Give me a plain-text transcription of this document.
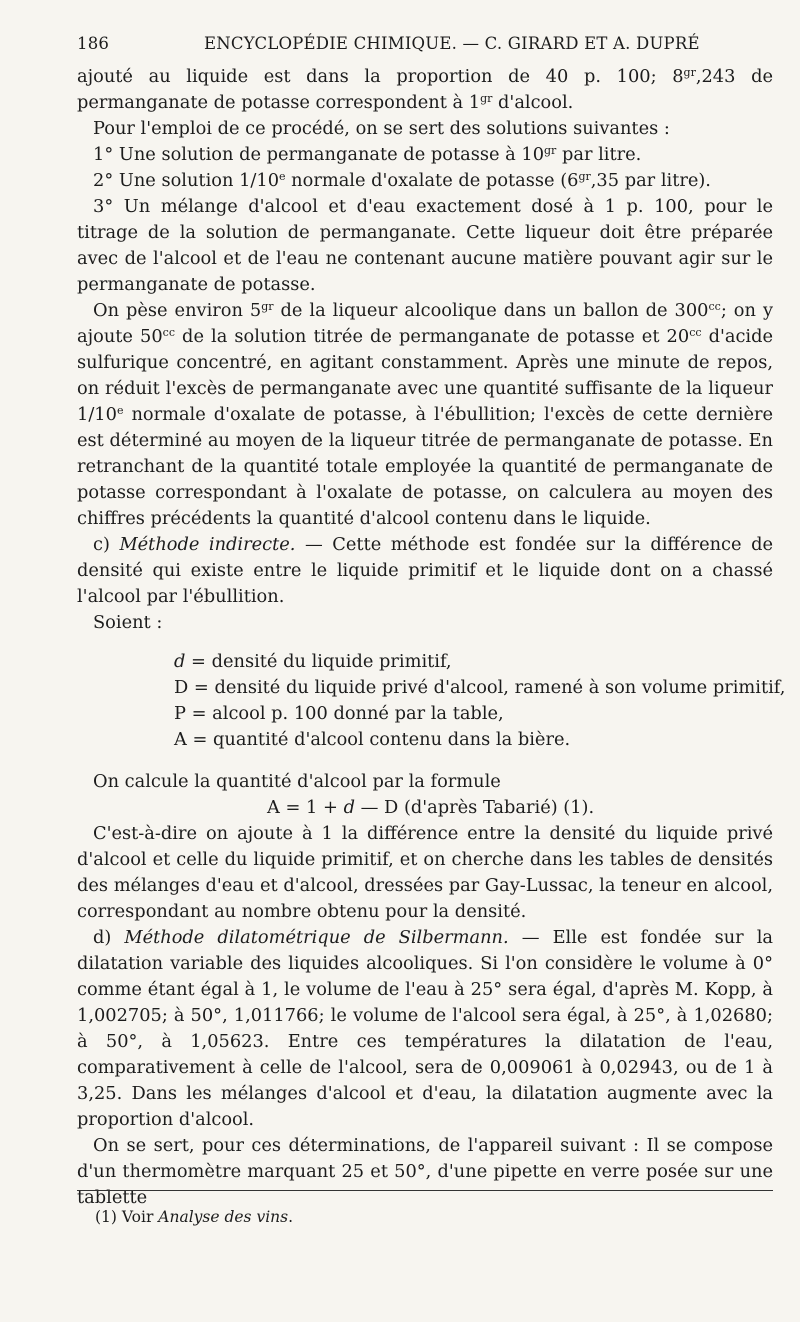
186	ENCYCLOPÉDIE CHIMIQUE. — C. GIRARD ET A. DUPRÉ

ajouté au liquide est dans la proportion de 40 p. 100; $8^{gr},243$ de permanganate de potasse correspondent à $1^{gr}$ d'alcool.

Pour l'emploi de ce procédé, on se sert des solutions suivantes :

1° Une solution de permanganate de potasse à $10^{gr}$ par litre.

2° Une solution 1/10e normale d'oxalate de potasse ($6^{gr},35$ par litre).

3° Un mélange d'alcool et d'eau exactement dosé à 1 p. 100, pour le titrage de la solution de permanganate. Cette liqueur doit être préparée avec de l'alcool et de l'eau ne contenant aucune matière pouvant agir sur le permanganate de potasse.

On pèse environ $5^{gr}$ de la liqueur alcoolique dans un ballon de $300^{cc}$; on y ajoute $50^{cc}$ de la solution titrée de permanganate de potasse et $20^{cc}$ d'acide sulfurique concentré, en agitant constamment. Après une minute de repos, on réduit l'excès de permanganate avec une quantité suffisante de la liqueur 1/10e normale d'oxalate de potasse, à l'ébullition; l'excès de cette dernière est déterminé au moyen de la liqueur titrée de permanganate de potasse. En retranchant de la quantité totale employée la quantité de permanganate de potasse correspondant à l'oxalate de potasse, on calculera au moyen des chiffres précédents la quantité d'alcool contenu dans le liquide.

c) Méthode indirecte. — Cette méthode est fondée sur la différence de densité qui existe entre le liquide primitif et le liquide dont on a chassé l'alcool par l'ébullition.

Soient :

d = densité du liquide primitif,
D = densité du liquide privé d'alcool, ramené à son volume primitif,
P = alcool p. 100 donné par la table,
A = quantité d'alcool contenu dans la bière.

On calcule la quantité d'alcool par la formule

A = 1 + d — D (d'après Tabarié) (1).

C'est-à-dire on ajoute à 1 la différence entre la densité du liquide privé d'alcool et celle du liquide primitif, et on cherche dans les tables de densités des mélanges d'eau et d'alcool, dressées par Gay-Lussac, la teneur en alcool, correspondant au nombre obtenu pour la densité.

d) Méthode dilatométrique de Silbermann. — Elle est fondée sur la dilatation variable des liquides alcooliques. Si l'on considère le volume à 0° comme étant égal à 1, le volume de l'eau à 25° sera égal, d'après M. Kopp, à 1,002705; à 50°, 1,011766; le volume de l'alcool sera égal, à 25°, à 1,02680; à 50°, à 1,05623. Entre ces températures la dilatation de l'eau, comparativement à celle de l'alcool, sera de 0,009061 à 0,02943, ou de 1 à 3,25. Dans les mélanges d'alcool et d'eau, la dilatation augmente avec la proportion d'alcool.

On se sert, pour ces déterminations, de l'appareil suivant : Il se compose d'un thermomètre marquant 25 et 50°, d'une pipette en verre posée sur une tablette

(1) Voir Analyse des vins.
